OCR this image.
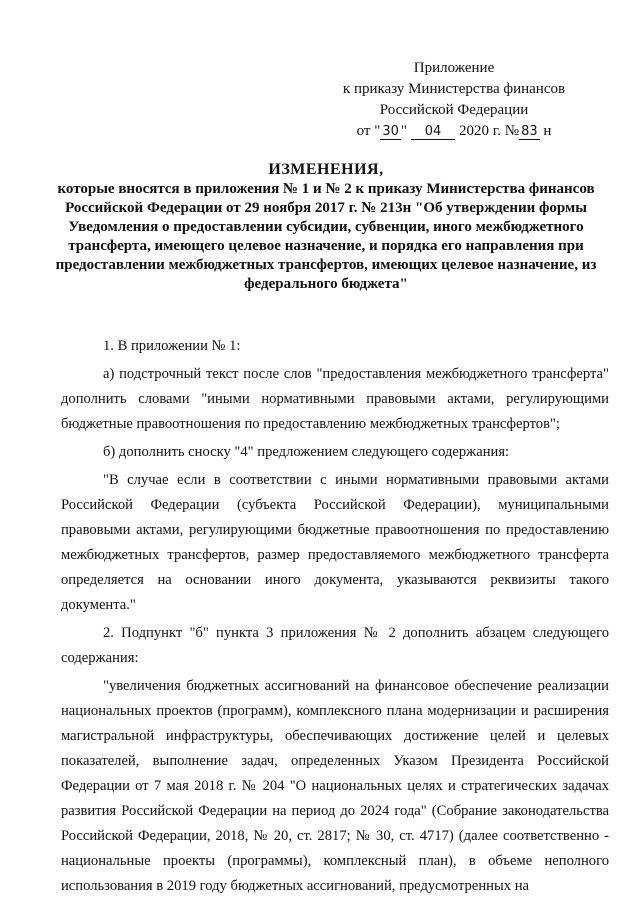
Приложение
к приказу Министерства финансов
Российской Федерации
от " 30 " 04 2020 г. № 83 н
ИЗМЕНЕНИЯ,
которые вносятся в приложения № 1 и № 2 к приказу Министерства финансов Российской Федерации от 29 ноября 2017 г. № 213н "Об утверждении формы Уведомления о предоставлении субсидии, субвенции, иного межбюджетного трансферта, имеющего целевое назначение, и порядка его направления при предоставлении межбюджетных трансфертов, имеющих целевое назначение, из федерального бюджета"

1. В приложении № 1:

а) подстрочный текст после слов "предоставления межбюджетного трансферта" дополнить словами "иными нормативными правовыми актами, регулирующими бюджетные правоотношения по предоставлению межбюджетных трансфертов";

б) дополнить сноску "4" предложением следующего содержания:

"В случае если в соответствии с иными нормативными правовыми актами Российской Федерации (субъекта Российской Федерации), муниципальными правовыми актами, регулирующими бюджетные правоотношения по предоставлению межбюджетных трансфертов, размер предоставляемого межбюджетного трансферта определяется на основании иного документа, указываются реквизиты такого документа."

2. Подпункт "б" пункта 3 приложения № 2 дополнить абзацем следующего содержания:

"увеличения бюджетных ассигнований на финансовое обеспечение реализации национальных проектов (программ), комплексного плана модернизации и расширения магистральной инфраструктуры, обеспечивающих достижение целей и целевых показателей, выполнение задач, определенных Указом Президента Российской Федерации от 7 мая 2018 г. № 204 "О национальных целях и стратегических задачах развития Российской Федерации на период до 2024 года" (Собрание законодательства Российской Федерации, 2018, № 20, ст. 2817; № 30, ст. 4717) (далее соответственно - национальные проекты (программы), комплексный план), в объеме неполного использования в 2019 году бюджетных ассигнований, предусмотренных на
